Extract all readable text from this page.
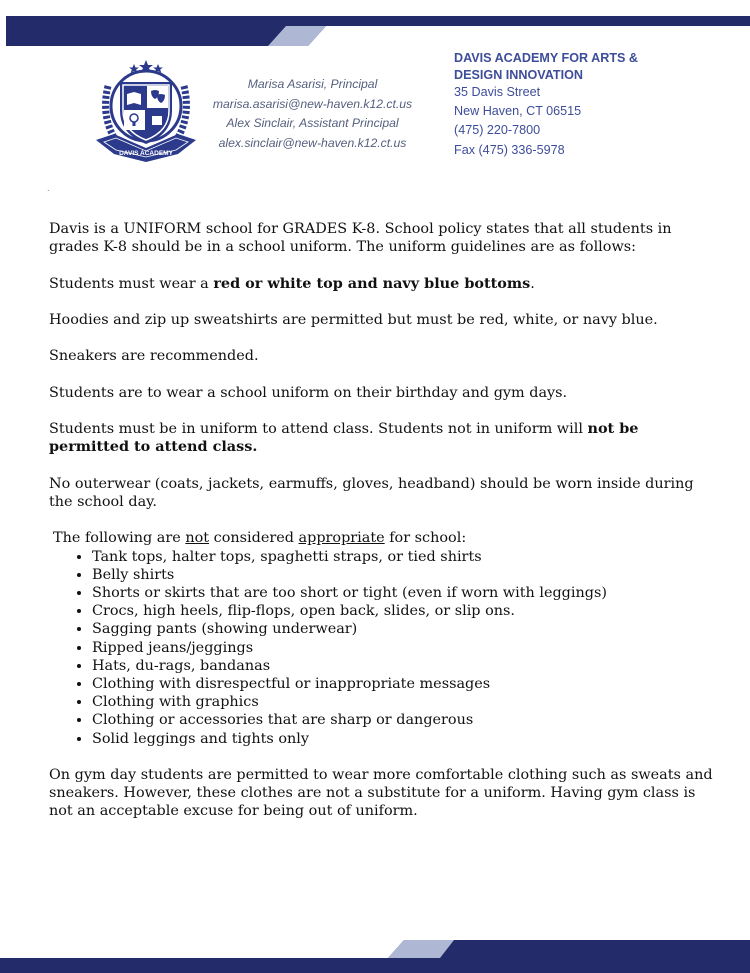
DAVIS ACADEMY
Marisa Asarisi, Principal
marisa.asarisi@new-haven.k12.ct.us
Alex Sinclair, Assistant Principal
alex.sinclair@new-haven.k12.ct.us
DAVIS ACADEMY FOR ARTS &
DESIGN INNOVATION
35 Davis Street
New Haven, CT 06515
(475) 220-7800
Fax (475) 336-5978
.

Davis is a UNIFORM school for GRADES K-8. School policy states that all students in grades K-8 should be in a school uniform. The uniform guidelines are as follows:

Students must wear a red or white top and navy blue bottoms.

Hoodies and zip up sweatshirts are permitted but must be red, white, or navy blue.

Sneakers are recommended.

Students are to wear a school uniform on their birthday and gym days.

Students must be in uniform to attend class. Students not in uniform will not be permitted to attend class.

No outerwear (coats, jackets, earmuffs, gloves, headband) should be worn inside during the school day.

The following are not considered appropriate for school:

• Tank tops, halter tops, spaghetti straps, or tied shirts
• Belly shirts
• Shorts or skirts that are too short or tight (even if worn with leggings)
• Crocs, high heels, flip-flops, open back, slides, or slip ons.
• Sagging pants (showing underwear)
• Ripped jeans/jeggings
• Hats, du-rags, bandanas
• Clothing with disrespectful or inappropriate messages
• Clothing with graphics
• Clothing or accessories that are sharp or dangerous
• Solid leggings and tights only

On gym day students are permitted to wear more comfortable clothing such as sweats and sneakers. However, these clothes are not a substitute for a uniform. Having gym class is not an acceptable excuse for being out of uniform.
